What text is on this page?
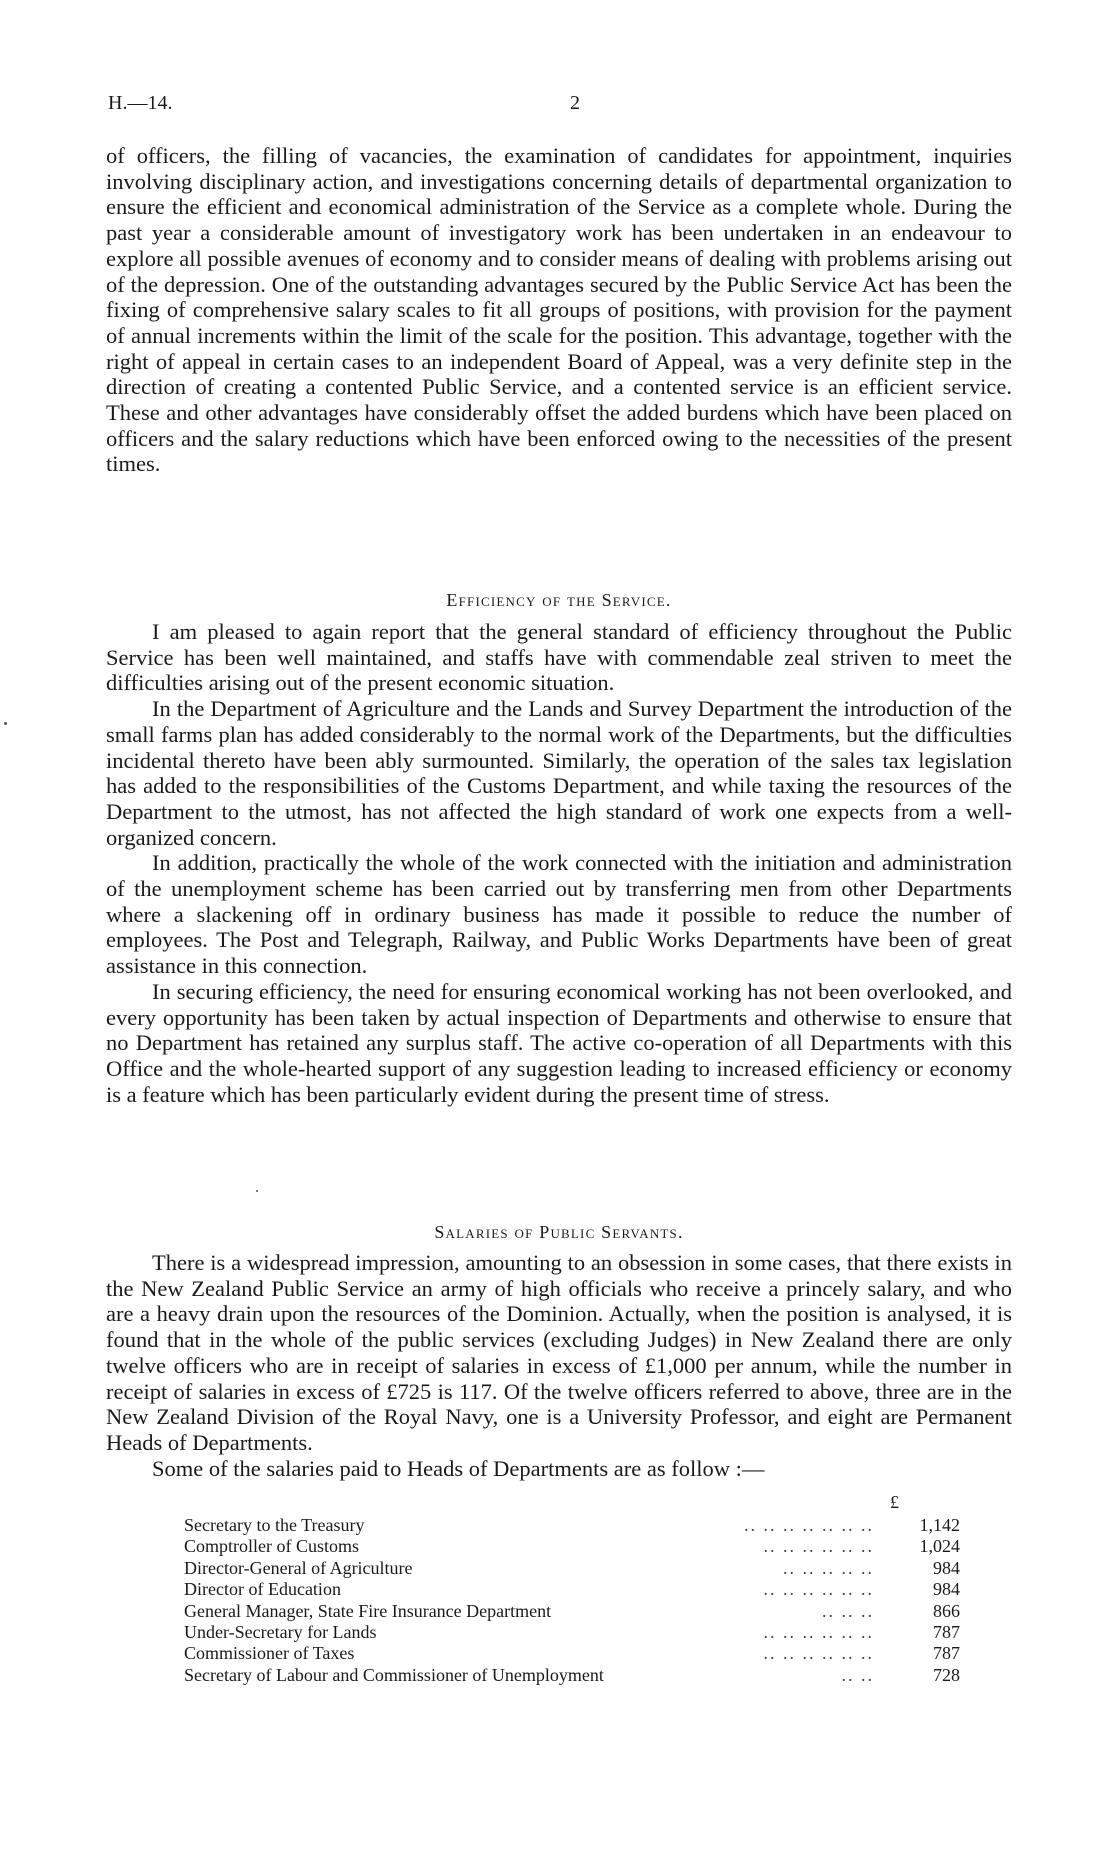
H.—14.	2

of officers, the filling of vacancies, the examination of candidates for appointment, inquiries involving disciplinary action, and investigations concerning details of departmental organization to ensure the efficient and economical administration of the Service as a complete whole. During the past year a considerable amount of investigatory work has been undertaken in an endeavour to explore all possible avenues of economy and to consider means of dealing with problems arising out of the depression. One of the outstanding advantages secured by the Public Service Act has been the fixing of comprehensive salary scales to fit all groups of positions, with provision for the payment of annual increments within the limit of the scale for the position. This advantage, together with the right of appeal in certain cases to an independent Board of Appeal, was a very definite step in the direction of creating a contented Public Service, and a contented service is an efficient service. These and other advantages have considerably offset the added burdens which have been placed on officers and the salary reductions which have been enforced owing to the necessities of the present times.

Efficiency of the Service.

I am pleased to again report that the general standard of efficiency throughout the Public Service has been well maintained, and staffs have with commendable zeal striven to meet the difficulties arising out of the present economic situation.

In the Department of Agriculture and the Lands and Survey Department the introduction of the small farms plan has added considerably to the normal work of the Departments, but the difficulties incidental thereto have been ably surmounted. Similarly, the operation of the sales tax legislation has added to the responsibilities of the Customs Department, and while taxing the resources of the Department to the utmost, has not affected the high standard of work one expects from a well-organized concern.

In addition, practically the whole of the work connected with the initiation and administration of the unemployment scheme has been carried out by transferring men from other Departments where a slackening off in ordinary business has made it possible to reduce the number of employees. The Post and Telegraph, Railway, and Public Works Departments have been of great assistance in this connection.

In securing efficiency, the need for ensuring economical working has not been overlooked, and every opportunity has been taken by actual inspection of Departments and otherwise to ensure that no Department has retained any surplus staff. The active co-operation of all Departments with this Office and the whole-hearted support of any suggestion leading to increased efficiency or economy is a feature which has been particularly evident during the present time of stress.

Salaries of Public Servants.

There is a widespread impression, amounting to an obsession in some cases, that there exists in the New Zealand Public Service an army of high officials who receive a princely salary, and who are a heavy drain upon the resources of the Dominion. Actually, when the position is analysed, it is found that in the whole of the public services (excluding Judges) in New Zealand there are only twelve officers who are in receipt of salaries in excess of £1,000 per annum, while the number in receipt of salaries in excess of £725 is 117. Of the twelve officers referred to above, three are in the New Zealand Division of the Royal Navy, one is a University Professor, and eight are Permanent Heads of Departments.

Some of the salaries paid to Heads of Departments are as follow :—

£
Secretary to the Treasury	.. .. .. .. .. .. ..	1,142
Comptroller of Customs	.. .. .. .. .. ..	1,024
Director-General of Agriculture	.. .. .. .. ..	984
Director of Education	.. .. .. .. .. ..	984
General Manager, State Fire Insurance Department	.. .. ..	866
Under-Secretary for Lands	.. .. .. .. .. ..	787
Commissioner of Taxes	.. .. .. .. .. ..	787
Secretary of Labour and Commissioner of Unemployment	.. ..	728
